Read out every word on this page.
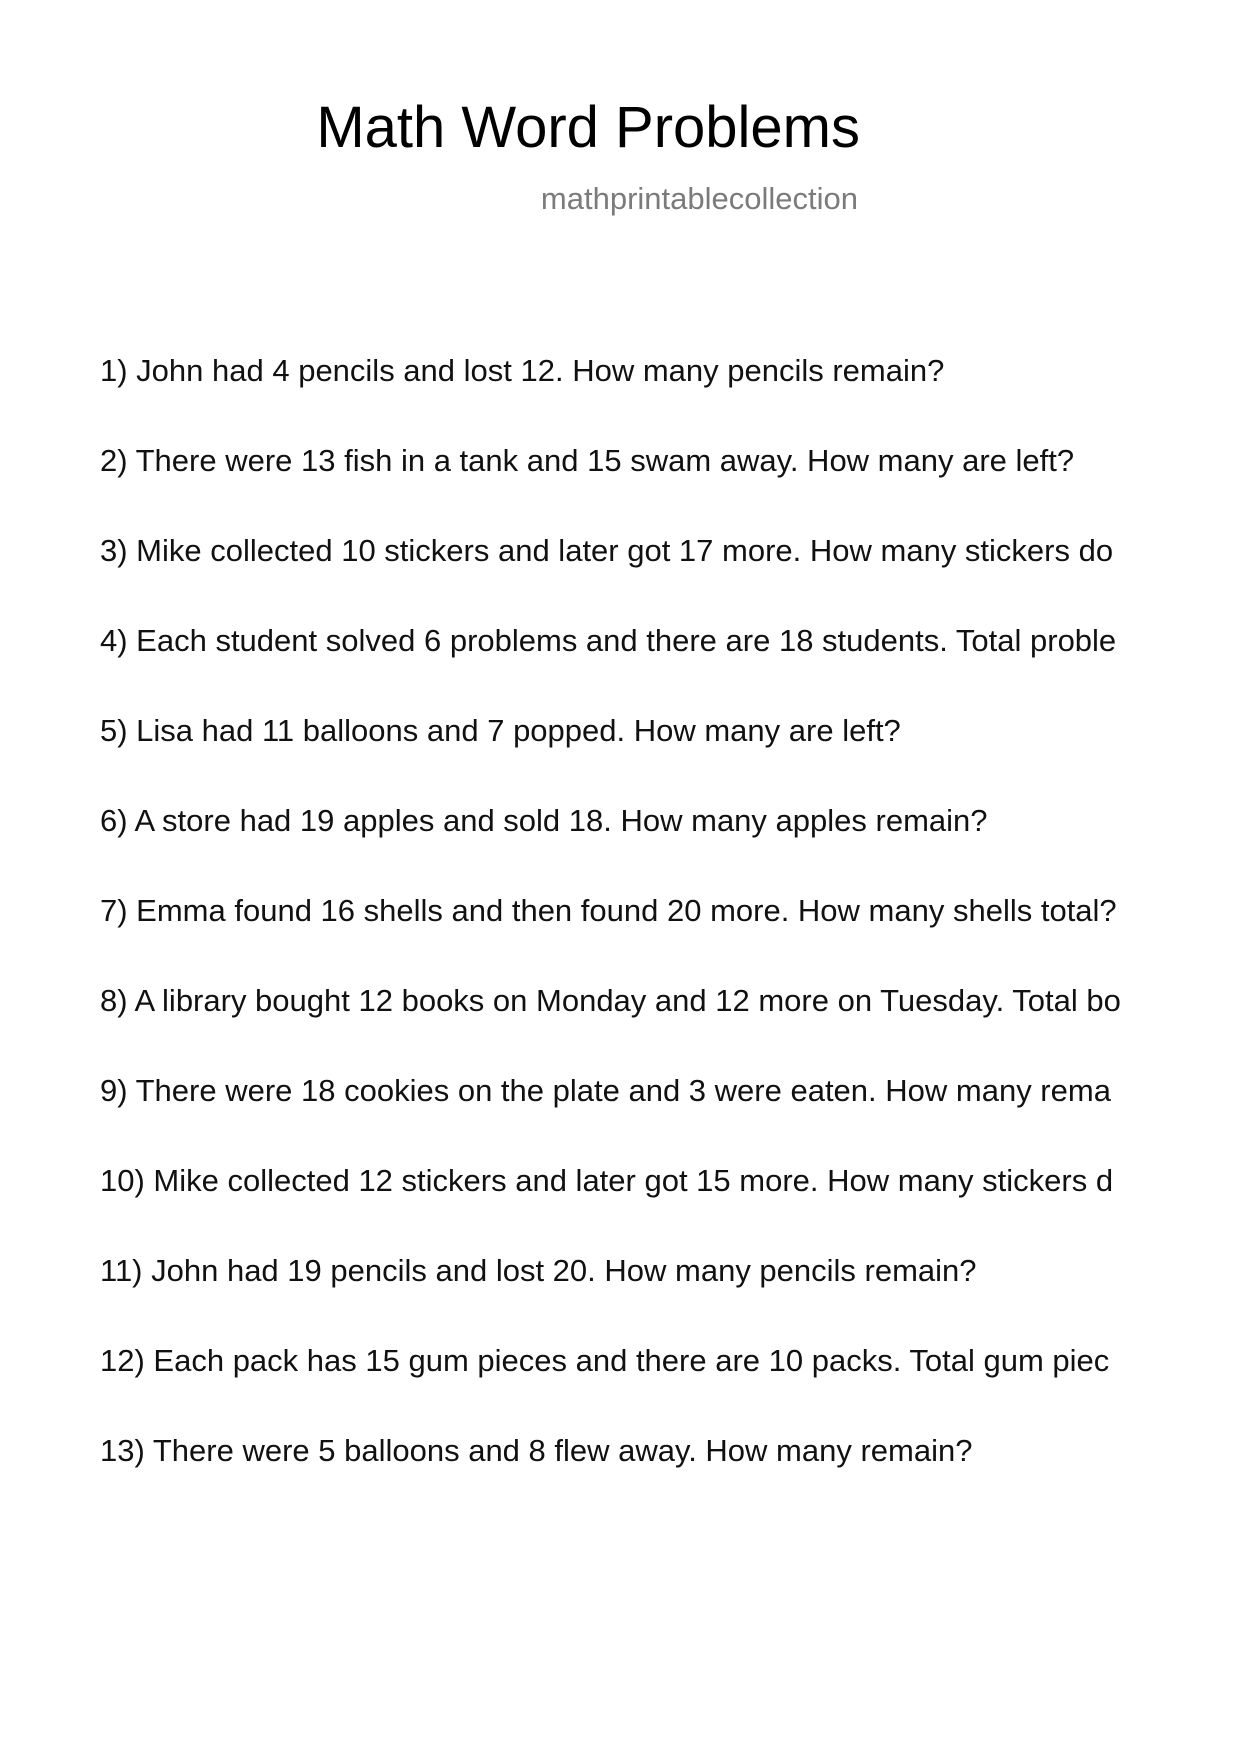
Math Word Problems
mathprintablecollection
1) John had 4 pencils and lost 12. How many pencils remain?
2) There were 13 fish in a tank and 15 swam away. How many are left?
3) Mike collected 10 stickers and later got 17 more. How many stickers do
4) Each student solved 6 problems and there are 18 students. Total proble
5) Lisa had 11 balloons and 7 popped. How many are left?
6) A store had 19 apples and sold 18. How many apples remain?
7) Emma found 16 shells and then found 20 more. How many shells total?
8) A library bought 12 books on Monday and 12 more on Tuesday. Total bo
9) There were 18 cookies on the plate and 3 were eaten. How many rema
10) Mike collected 12 stickers and later got 15 more. How many stickers d
11) John had 19 pencils and lost 20. How many pencils remain?
12) Each pack has 15 gum pieces and there are 10 packs. Total gum piec
13) There were 5 balloons and 8 flew away. How many remain?
